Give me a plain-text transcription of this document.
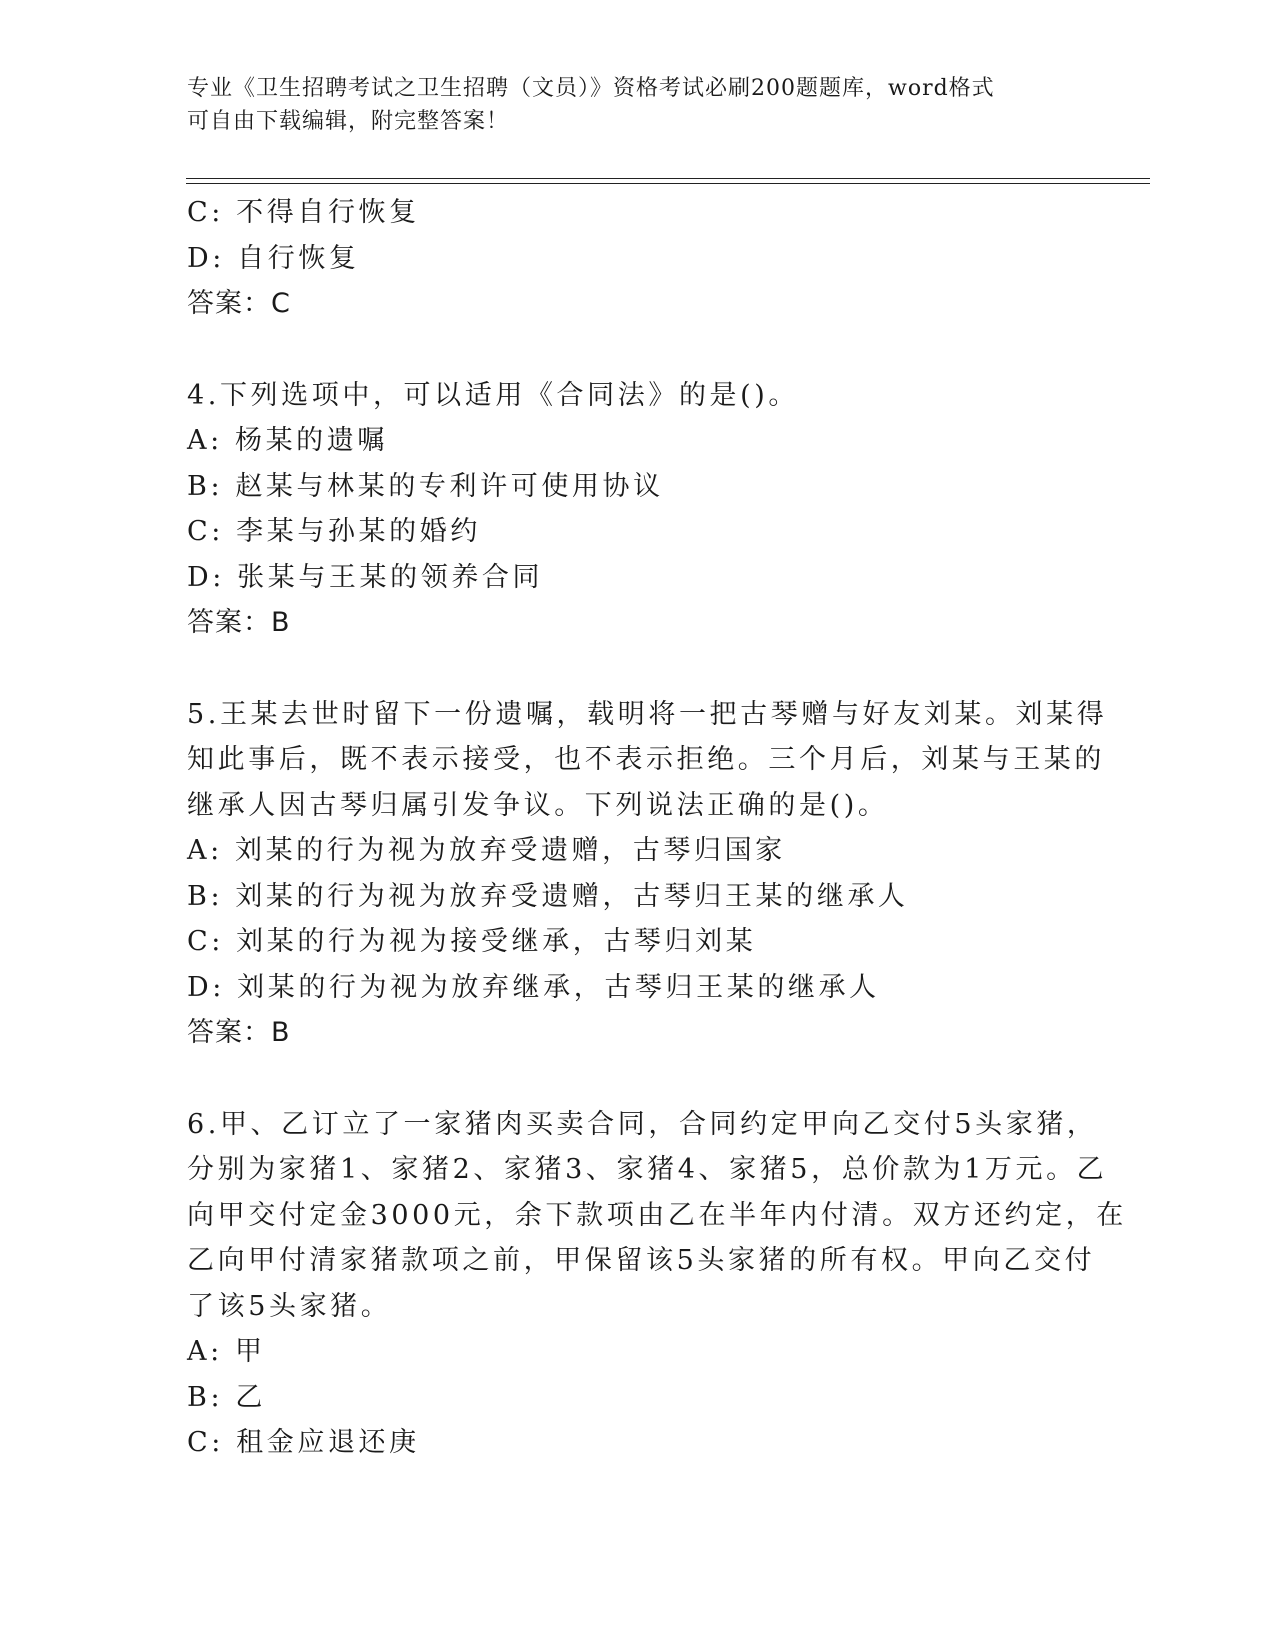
专业《卫生招聘考试之卫生招聘（文员）》资格考试必刷200题题库，word格式
可自由下载编辑，附完整答案！
C: 不得自行恢复
D: 自行恢复
答案：C
4.下列选项中，可以适用《合同法》的是()。
A: 杨某的遗嘱
B: 赵某与林某的专利许可使用协议
C: 李某与孙某的婚约
D: 张某与王某的领养合同
答案：B
5.王某去世时留下一份遗嘱，载明将一把古琴赠与好友刘某。刘某得
知此事后，既不表示接受，也不表示拒绝。三个月后，刘某与王某的
继承人因古琴归属引发争议。下列说法正确的是()。
A: 刘某的行为视为放弃受遗赠，古琴归国家
B: 刘某的行为视为放弃受遗赠，古琴归王某的继承人
C: 刘某的行为视为接受继承，古琴归刘某
D: 刘某的行为视为放弃继承，古琴归王某的继承人
答案：B
6.甲、乙订立了一家猪肉买卖合同，合同约定甲向乙交付5头家猪，
分别为家猪1、家猪2、家猪3、家猪4、家猪5，总价款为1万元。乙
向甲交付定金3000元，余下款项由乙在半年内付清。双方还约定，在
乙向甲付清家猪款项之前，甲保留该5头家猪的所有权。甲向乙交付
了该5头家猪。
A: 甲
B: 乙
C: 租金应退还庚
